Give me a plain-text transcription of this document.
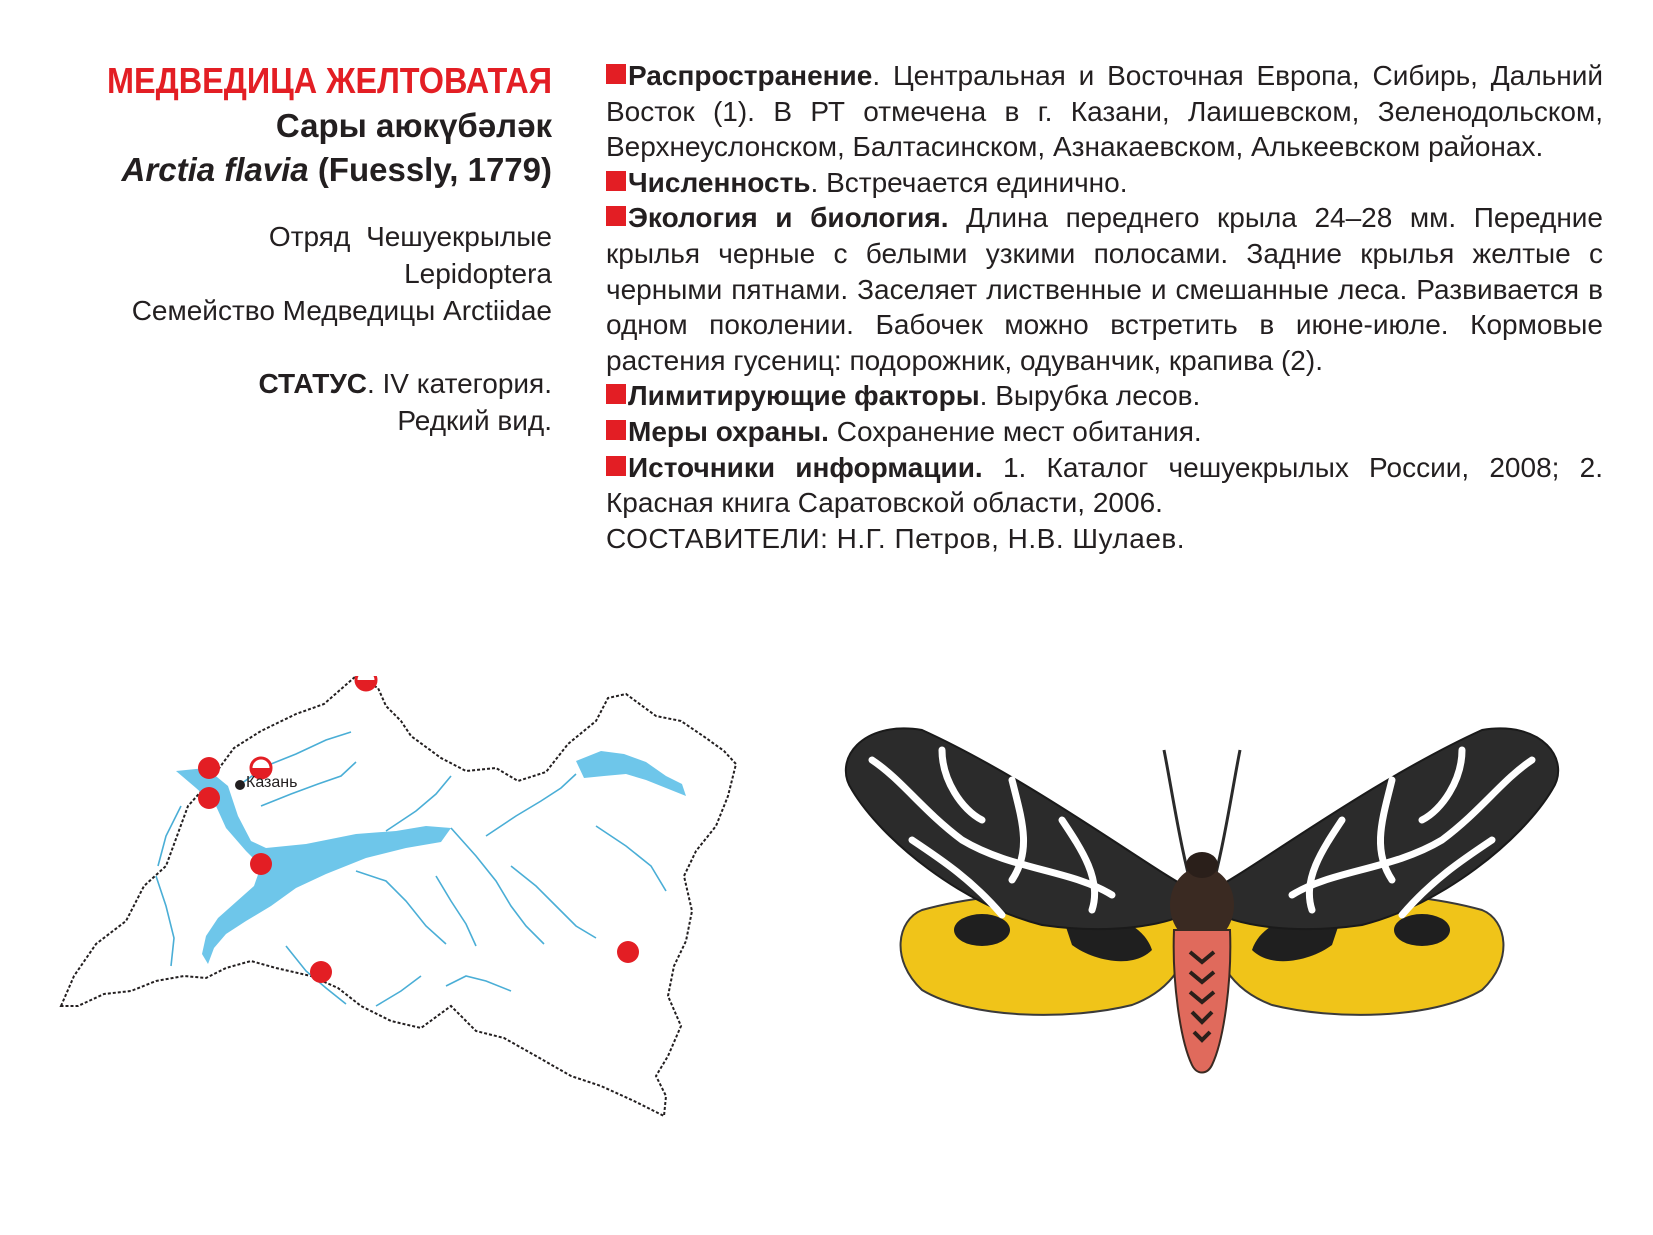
МЕДВЕДИЦА ЖЕЛТОВАТАЯ
Сары аюкүбәләк
Arctia flavia (Fuessly, 1779)
Отряд Чешуекрылые
Lepidoptera
Семейство Медведицы Arctiidae
СТАТУС. IV категория.
Редкий вид.

Распространение. Центральная и Восточная Европа, Сибирь, Дальний Восток (1). В РТ отмечена в г. Казани, Лаишевском, Зеленодольском, Верхнеуслонском, Балтасинском, Азнакаевском, Алькеевском районах.

Численность. Встречается единично.

Экология и биология. Длина переднего крыла 24–28 мм. Передние крылья черные с белыми узкими полосами. Задние крылья желтые с черными пятнами. Заселяет лиственные и смешанные леса. Развивается в одном поколении. Бабочек можно встретить в июне-июле. Кормовые растения гусениц: подорожник, одуванчик, крапива (2).

Лимитирующие факторы. Вырубка лесов.

Меры охраны. Сохранение мест обитания.

Источники информации. 1. Каталог чешуекрылых России, 2008; 2. Красная книга Саратовской области, 2006.

СОСТАВИТЕЛИ: Н.Г. Петров, Н.В. Шулаев.

Казань
